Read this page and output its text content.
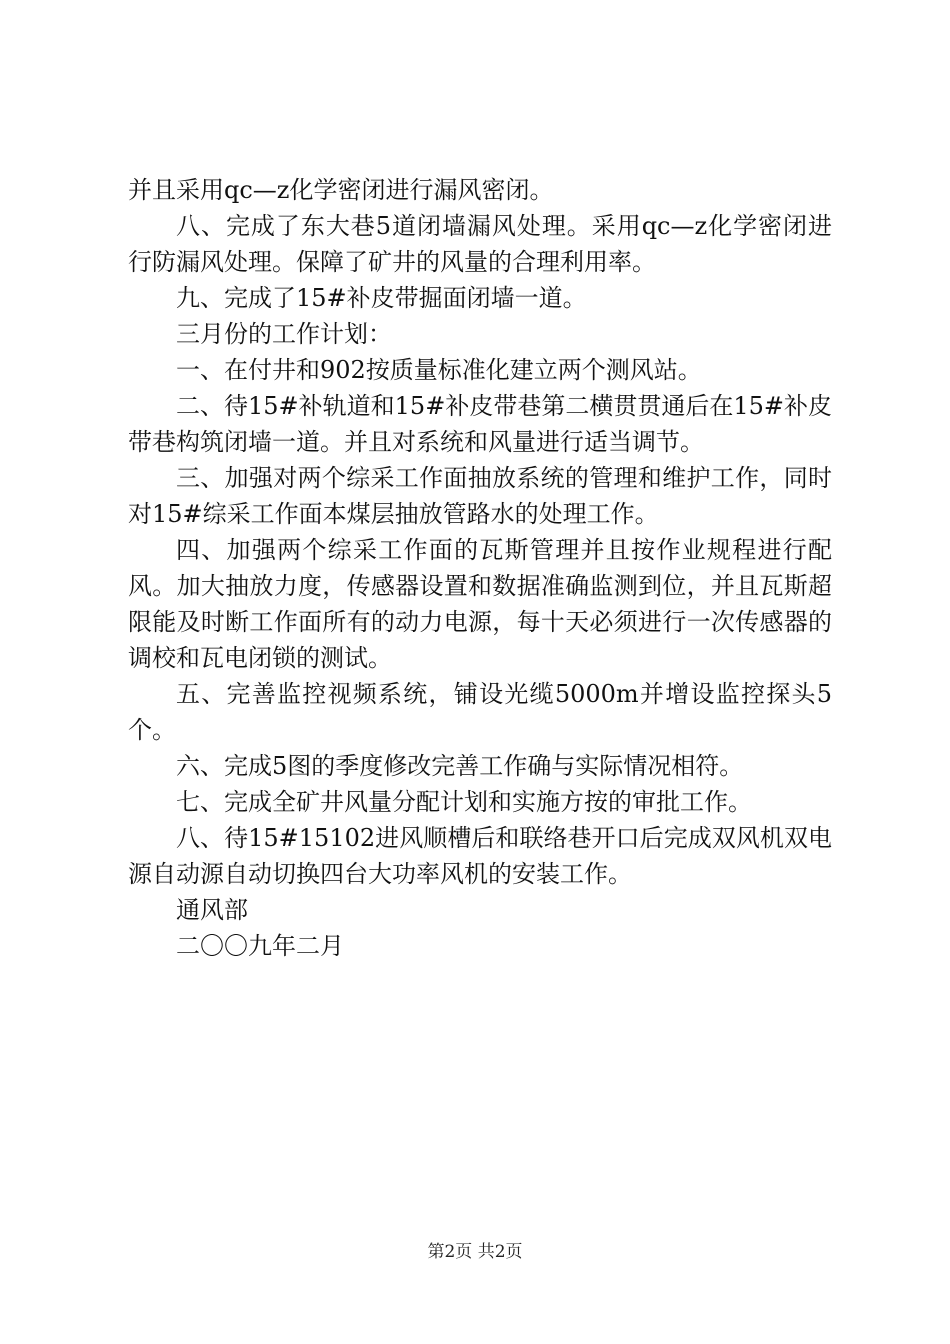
并且采用qc—z化学密闭进行漏风密闭。

八、完成了东大巷5道闭墙漏风处理。采用qc—z化学密闭进行防漏风处理。保障了矿井的风量的合理利用率。

九、完成了15#补皮带掘面闭墙一道。

三月份的工作计划：

一、在付井和902按质量标准化建立两个测风站。

二、待15#补轨道和15#补皮带巷第二横贯贯通后在15#补皮带巷构筑闭墙一道。并且对系统和风量进行适当调节。

三、加强对两个综采工作面抽放系统的管理和维护工作，同时对15#综采工作面本煤层抽放管路水的处理工作。

四、加强两个综采工作面的瓦斯管理并且按作业规程进行配风。加大抽放力度，传感器设置和数据准确监测到位，并且瓦斯超限能及时断工作面所有的动力电源，每十天必须进行一次传感器的调校和瓦电闭锁的测试。

五、完善监控视频系统，铺设光缆5000m并增设监控探头5个。

六、完成5图的季度修改完善工作确与实际情况相符。

七、完成全矿井风量分配计划和实施方按的审批工作。

八、待15#15102进风顺槽后和联络巷开口后完成双风机双电源自动源自动切换四台大功率风机的安装工作。

通风部

二〇〇九年二月

第2页 共2页
